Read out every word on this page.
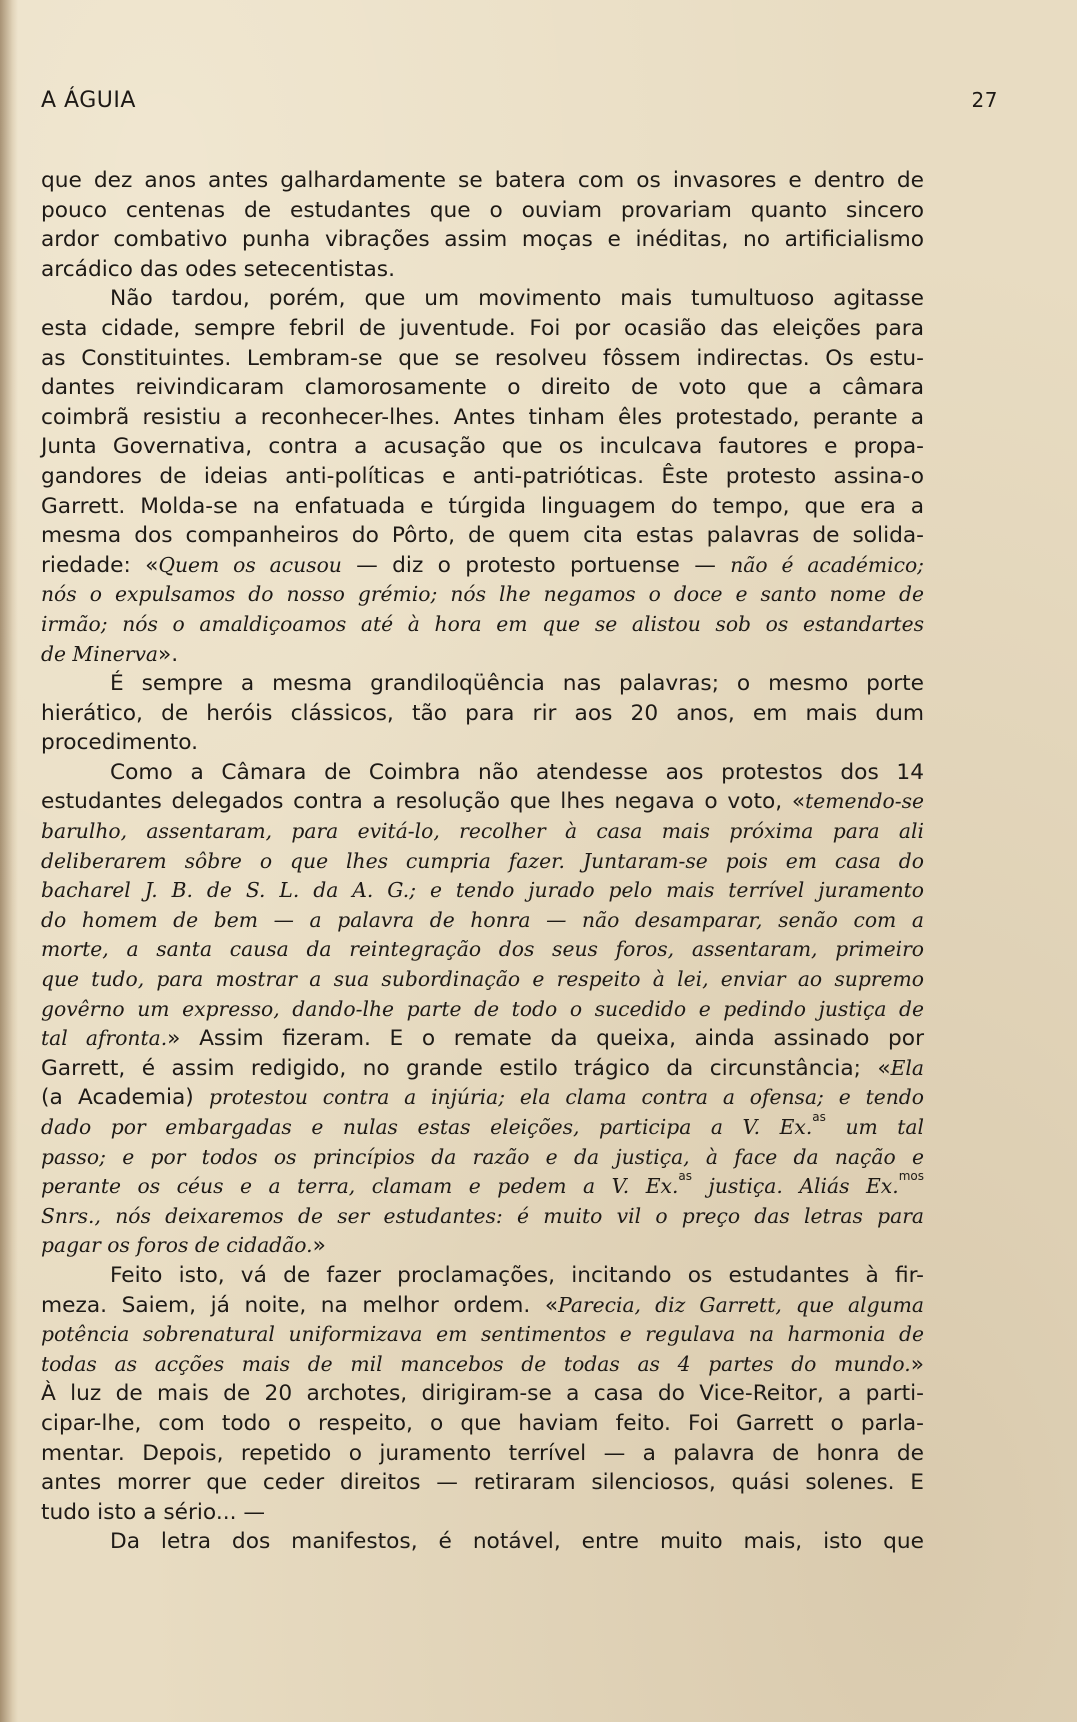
A ÁGUIA	27
que dez anos antes galhardamente se batera com os invasores e dentro de
pouco centenas de estudantes que o ouviam provariam quanto sincero
ardor combativo punha vibrações assim moças e inéditas, no artificialismo
arcádico das odes setecentistas.
Não tardou, porém, que um movimento mais tumultuoso agitasse
esta cidade, sempre febril de juventude. Foi por ocasião das eleições para
as Constituintes. Lembram-se que se resolveu fôssem indirectas. Os estu-
dantes reivindicaram clamorosamente o direito de voto que a câmara
coimbrã resistiu a reconhecer-lhes. Antes tinham êles protestado, perante a
Junta Governativa, contra a acusação que os inculcava fautores e propa-
gandores de ideias anti-políticas e anti-patrióticas. Êste protesto assina-o
Garrett. Molda-se na enfatuada e túrgida linguagem do tempo, que era a
mesma dos companheiros do Pôrto, de quem cita estas palavras de solida-
riedade: «Quem os acusou — diz o protesto portuense — não é académico;
nós o expulsamos do nosso grémio; nós lhe negamos o doce e santo nome de
irmão; nós o amaldiçoamos até à hora em que se alistou sob os estandartes
de Minerva».
É sempre a mesma grandiloqüência nas palavras; o mesmo porte
hierático, de heróis clássicos, tão para rir aos 20 anos, em mais dum
procedimento.
Como a Câmara de Coimbra não atendesse aos protestos dos 14
estudantes delegados contra a resolução que lhes negava o voto, «temendo-se
barulho, assentaram, para evitá-lo, recolher à casa mais próxima para ali
deliberarem sôbre o que lhes cumpria fazer. Juntaram-se pois em casa do
bacharel J. B. de S. L. da A. G.; e tendo jurado pelo mais terrível juramento
do homem de bem — a palavra de honra — não desamparar, senão com a
morte, a santa causa da reintegração dos seus foros, assentaram, primeiro
que tudo, para mostrar a sua subordinação e respeito à lei, enviar ao supremo
govêrno um expresso, dando-lhe parte de todo o sucedido e pedindo justiça de
tal afronta.» Assim fizeram. E o remate da queixa, ainda assinado por
Garrett, é assim redigido, no grande estilo trágico da circunstância; «Ela
(a Academia) protestou contra a injúria; ela clama contra a ofensa; e tendo
dado por embargadas e nulas estas eleições, participa a V. Ex.$^{as}$ um tal
passo; e por todos os princípios da razão e da justiça, à face da nação e
perante os céus e a terra, clamam e pedem a V. Ex.$^{as}$ justiça. Aliás Ex.$^{mos}$
Snrs., nós deixaremos de ser estudantes: é muito vil o preço das letras para
pagar os foros de cidadão.»
Feito isto, vá de fazer proclamações, incitando os estudantes à fir-
meza. Saiem, já noite, na melhor ordem. «Parecia, diz Garrett, que alguma
potência sobrenatural uniformizava em sentimentos e regulava na harmonia de
todas as acções mais de mil mancebos de todas as 4 partes do mundo.»
À luz de mais de 20 archotes, dirigiram-se a casa do Vice-Reitor, a parti-
cipar-lhe, com todo o respeito, o que haviam feito. Foi Garrett o parla-
mentar. Depois, repetido o juramento terrível — a palavra de honra de
antes morrer que ceder direitos — retiraram silenciosos, quási solenes. E
tudo isto a sério... —
Da letra dos manifestos, é notável, entre muito mais, isto que
